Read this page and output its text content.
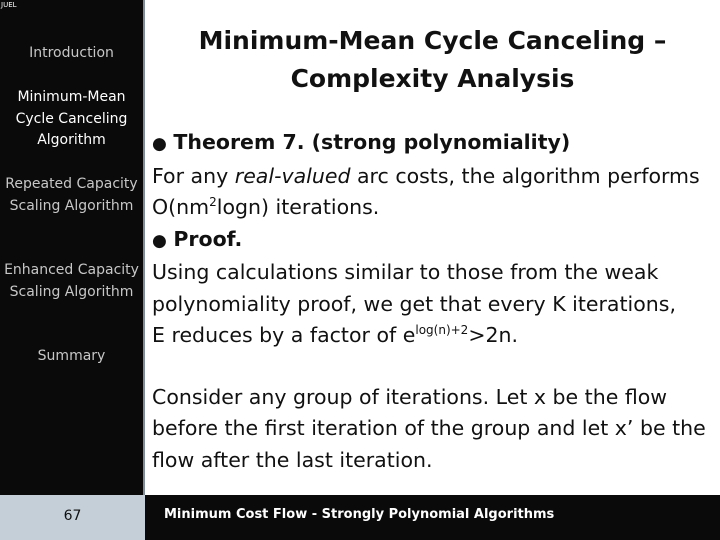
JUEL
Introduction
Minimum-Mean Cycle Canceling Algorithm
Repeated Capacity Scaling Algorithm
Enhanced Capacity Scaling Algorithm
Summary
Minimum-Mean Cycle Canceling – Complexity Analysis
● Theorem 7. (strong polynomiality)
For any real-valued arc costs, the algorithm performs
$O(nm^2\log n)$ iterations.
● Proof.
Using calculations similar to those from the weak
polynomiality proof, we get that every K iterations,
E reduces by a factor of $e^{log(n)+2}>2n$.
Consider any group of iterations. Let x be the flow before the first iteration of the group and let x’ be the flow after the last iteration.
67	Minimum Cost Flow - Strongly Polynomial Algorithms
